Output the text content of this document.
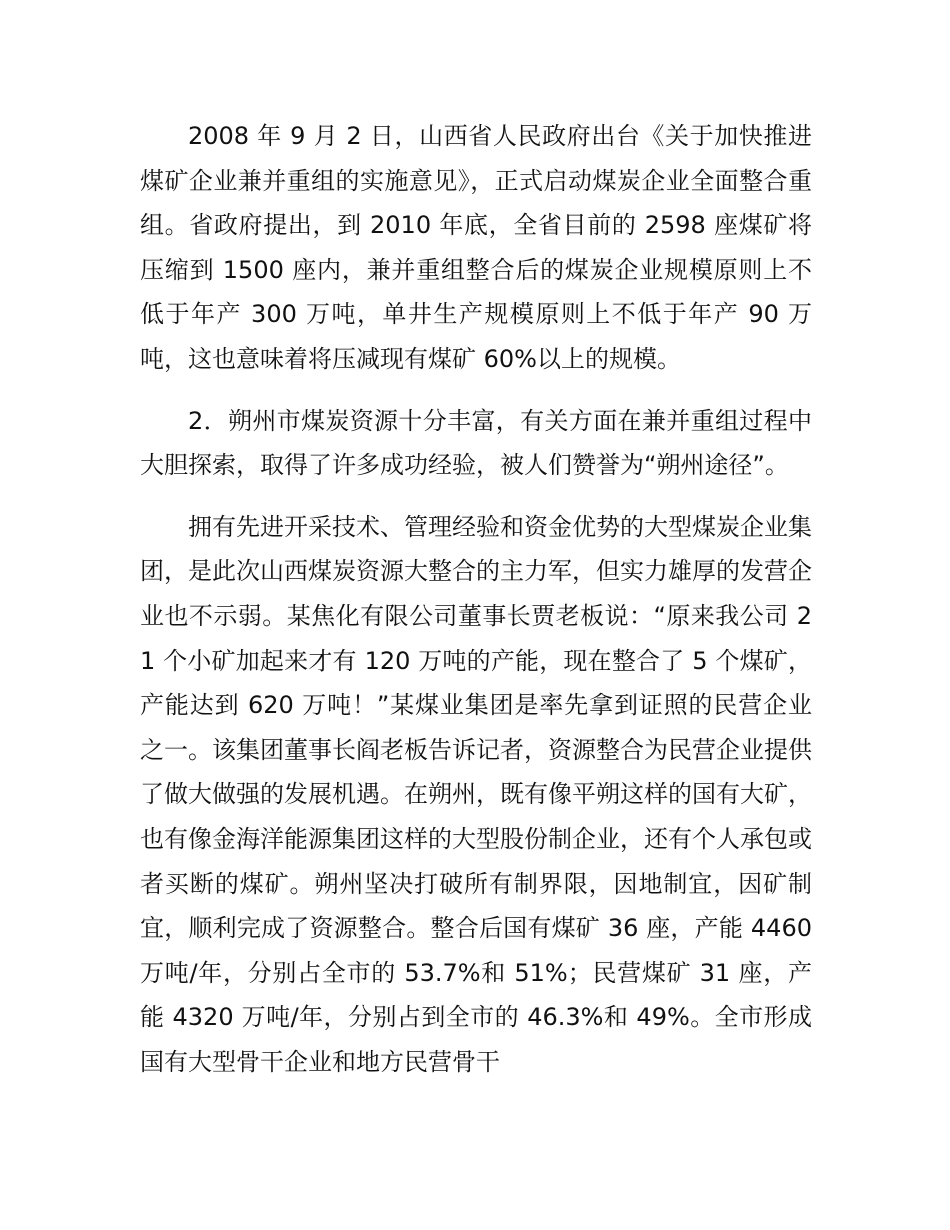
2008 年 9 月 2 日，山西省人民政府出台《关于加快推进煤矿企业兼并重组的实施意见》，正式启动煤炭企业全面整合重组。省政府提出，到 2010 年底，全省目前的 2598 座煤矿将压缩到 1500 座内，兼并重组整合后的煤炭企业规模原则上不低于年产 300 万吨，单井生产规模原则上不低于年产 90 万吨，这也意味着将压减现有煤矿 60%以上的规模。

2．朔州市煤炭资源十分丰富，有关方面在兼并重组过程中大胆探索，取得了许多成功经验，被人们赞誉为“朔州途径”。

拥有先进开采技术、管理经验和资金优势的大型煤炭企业集团，是此次山西煤炭资源大整合的主力军，但实力雄厚的发营企业也不示弱。某焦化有限公司董事长贾老板说：“原来我公司 21 个小矿加起来才有 120 万吨的产能，现在整合了 5 个煤矿，产能达到 620 万吨！”某煤业集团是率先拿到证照的民营企业之一。该集团董事长阎老板告诉记者，资源整合为民营企业提供了做大做强的发展机遇。在朔州，既有像平朔这样的国有大矿，也有像金海洋能源集团这样的大型股份制企业，还有个人承包或者买断的煤矿。朔州坚决打破所有制界限，因地制宜，因矿制宜，顺利完成了资源整合。整合后国有煤矿 36 座，产能 4460 万吨/年，分别占全市的 53.7%和 51%；民营煤矿 31 座，产能 4320 万吨/年，分别占到全市的 46.3%和 49%。全市形成国有大型骨干企业和地方民营骨干
